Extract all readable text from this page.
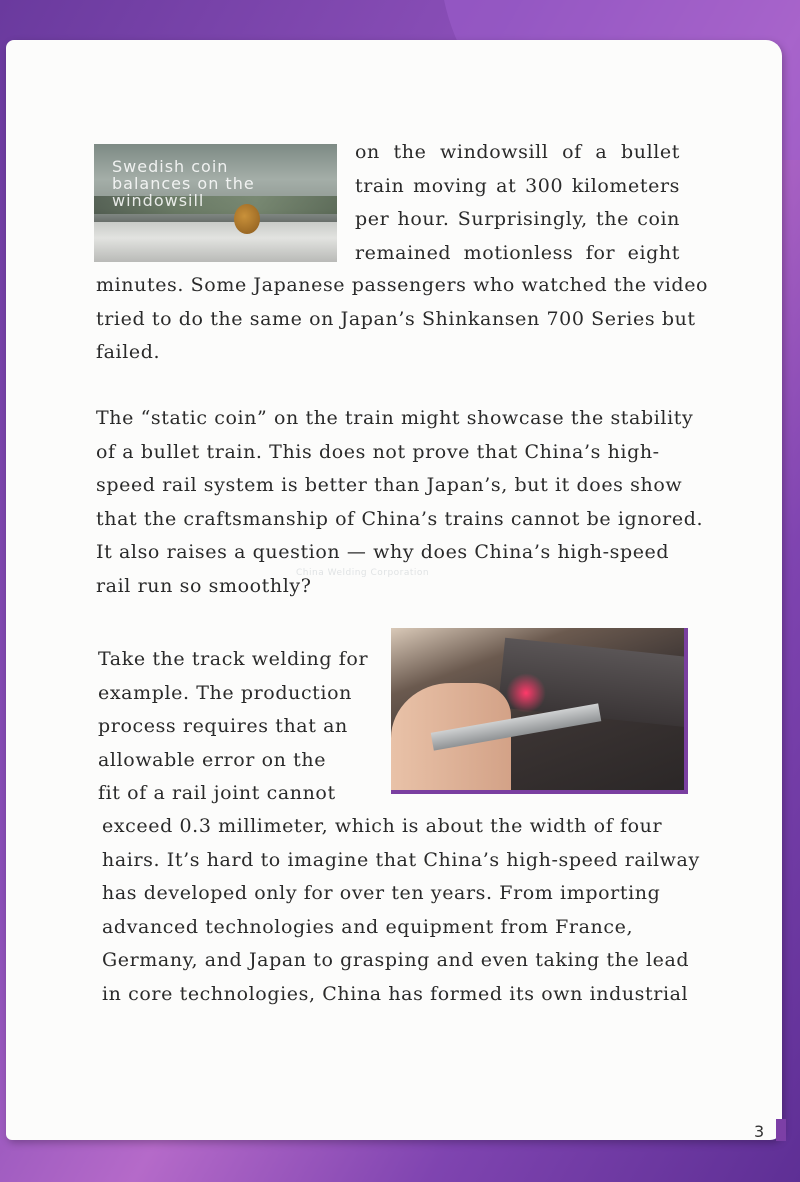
Swedish coin
balances on the
windowsill

on the windowsill of a bullet
train moving at 300 kilometers
per hour. Surprisingly, the coin
remained motionless for eight

minutes. Some Japanese passengers who watched the video
tried to do the same on Japan’s Shinkansen 700 Series but
failed.

The “static coin” on the train might showcase the stability
of a bullet train. This does not prove that China’s high-
speed rail system is better than Japan’s, but it does show
that the craftsmanship of China’s trains cannot be ignored.
It also raises a question — why does China’s high-speed
rail run so smoothly?

China Welding Corporation

Take the track welding for
example. The production
process requires that an
allowable error on the
fit of a rail joint cannot

exceed 0.3 millimeter, which is about the width of four
hairs. It’s hard to imagine that China’s high-speed railway
has developed only for over ten years. From importing
advanced technologies and equipment from France,
Germany, and Japan to grasping and even taking the lead
in core technologies, China has formed its own industrial

3
